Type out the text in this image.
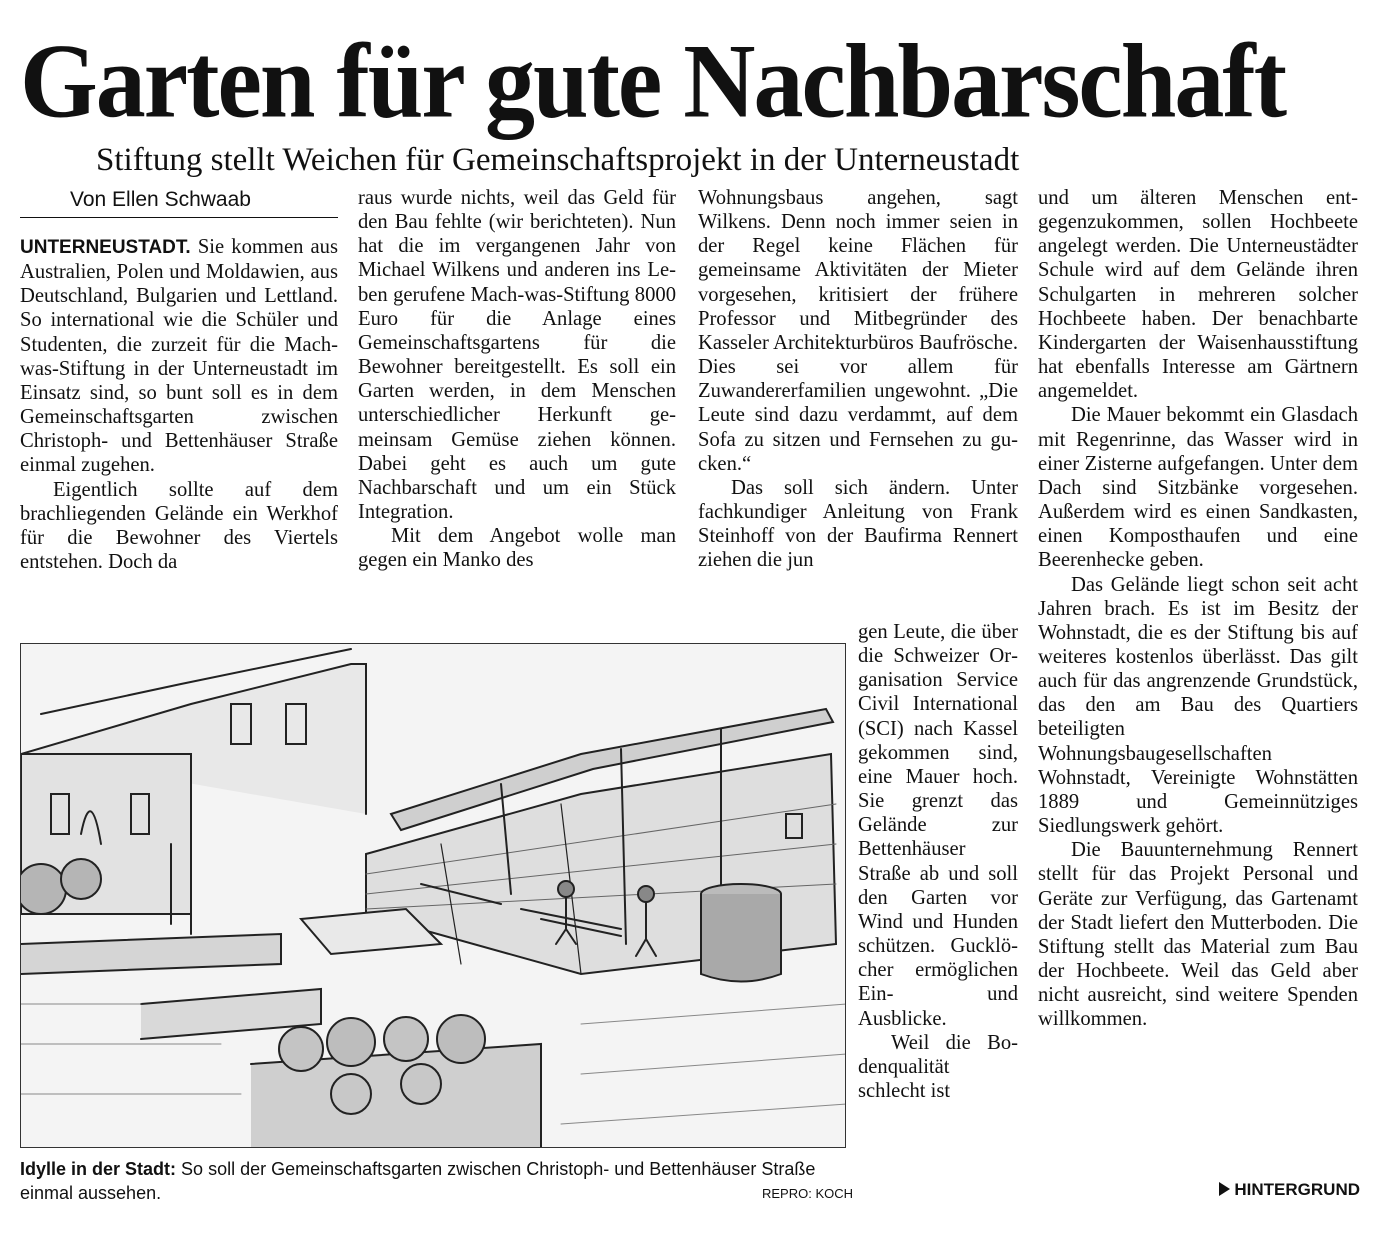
Garten für gute Nachbarschaft
Stiftung stellt Weichen für Gemeinschaftsprojekt in der Unterneustadt
Von Ellen Schwaab

UNTERNEUSTADT. Sie kommen aus Australien, Polen und Moldawien, aus Deutschland, Bulgarien und Lettland. So international wie die Schüler und Studenten, die zurzeit für die Mach-was-Stiftung in der Unterneustadt im Einsatz sind, so bunt soll es in dem Gemeinschaftsgarten zwischen Christoph- und Bettenhäuser Straße einmal zugehen.

Eigentlich sollte auf dem brachliegenden Gelände ein Werkhof für die Bewohner des Viertels entstehen. Doch da

raus wurde nichts, weil das Geld für den Bau fehlte (wir berichteten). Nun hat die im vergangenen Jahr von Michael Wilkens und anderen ins Leben gerufene Mach-was-Stiftung 8000 Euro für die Anlage eines Gemeinschaftsgartens für die Bewohner bereitgestellt. Es soll ein Garten werden, in dem Menschen unterschiedlicher Herkunft gemeinsam Gemüse ziehen können. Dabei geht es auch um gute Nachbarschaft und um ein Stück Integration.

Mit dem Angebot wolle man gegen ein Manko des

Wohnungsbaus angehen, sagt Wilkens. Denn noch immer seien in der Regel keine Flächen für gemeinsame Aktivitäten der Mieter vorgesehen, kritisiert der frühere Professor und Mitbegründer des Kasseler Architekturbüros Baufrösche. Dies sei vor allem für Zuwandererfamilien ungewohnt. „Die Leute sind dazu verdammt, auf dem Sofa zu sitzen und Fernsehen zu gucken.“

Das soll sich ändern. Unter fachkundiger Anleitung von Frank Steinhoff von der Baufirma Rennert ziehen die jun

gen Leute, die über die Schweizer Organisation Service Civil International (SCI) nach Kassel gekommen sind, eine Mauer hoch. Sie grenzt das Gelände zur Bettenhäuser Straße ab und soll den Garten vor Wind und Hunden schützen. Gucklöcher ermöglichen Ein- und Ausblicke.

Weil die Bodenqualität schlecht ist

und um älteren Menschen entgegenzukommen, sollen Hochbeete angelegt werden. Die Unterneustädter Schule wird auf dem Gelände ihren Schulgarten in mehreren solcher Hochbeete haben. Der benachbarte Kindergarten der Waisenhausstiftung hat ebenfalls Interesse am Gärtnern angemeldet.

Die Mauer bekommt ein Glasdach mit Regenrinne, das Wasser wird in einer Zisterne aufgefangen. Unter dem Dach sind Sitzbänke vorgesehen. Außerdem wird es einen Sandkasten, einen Komposthaufen und eine Beerenhecke geben.

Das Gelände liegt schon seit acht Jahren brach. Es ist im Besitz der Wohnstadt, die es der Stiftung bis auf weiteres kostenlos überlässt. Das gilt auch für das angrenzende Grundstück, das den am Bau des Quartiers beteiligten Wohnungsbaugesellschaften Wohnstadt, Vereinigte Wohnstätten 1889 und Gemeinnütziges Siedlungswerk gehört.

Die Bauunternehmung Rennert stellt für das Projekt Personal und Geräte zur Verfügung, das Gartenamt der Stadt liefert den Mutterboden. Die Stiftung stellt das Material zum Bau der Hochbeete. Weil das Geld aber nicht ausreicht, sind weitere Spenden willkommen.

Idylle in der Stadt: So soll der Gemeinschaftsgarten zwischen Christoph- und Bettenhäuser Straße einmal aussehen.	REPRO: KOCH	HINTERGRUND
